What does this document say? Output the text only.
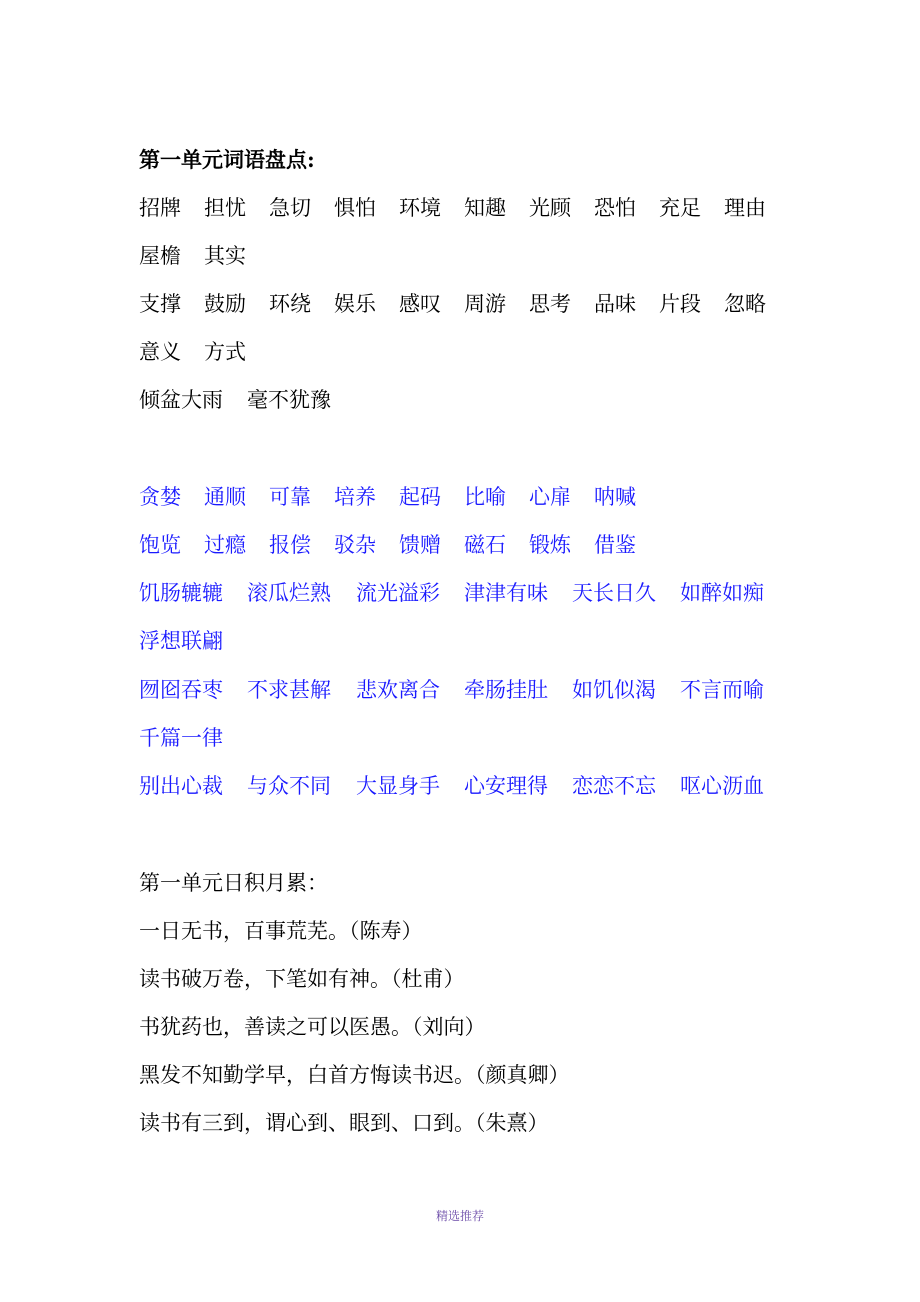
第一单元词语盘点:
招牌 担忧 急切 惧怕 环境 知趣 光顾 恐怕 充足 理由
屋檐 其实
支撑 鼓励 环绕 娱乐 感叹 周游 思考 品味 片段 忽略
意义 方式
倾盆大雨 毫不犹豫
贪婪 通顺 可靠 培养 起码 比喻 心扉 呐喊
饱览 过瘾 报偿 驳杂 馈赠 磁石 锻炼 借鉴
饥肠辘辘 滚瓜烂熟 流光溢彩 津津有味 天长日久 如醉如痴
浮想联翩
囫囵吞枣 不求甚解 悲欢离合 牵肠挂肚 如饥似渴 不言而喻
千篇一律
别出心裁 与众不同 大显身手 心安理得 恋恋不忘 呕心沥血
第一单元日积月累：
一日无书，百事荒芜。（陈寿）
读书破万卷，下笔如有神。（杜甫）
书犹药也，善读之可以医愚。（刘向）
黑发不知勤学早，白首方悔读书迟。（颜真卿）
读书有三到，谓心到、眼到、口到。（朱熹）
精选推荐
